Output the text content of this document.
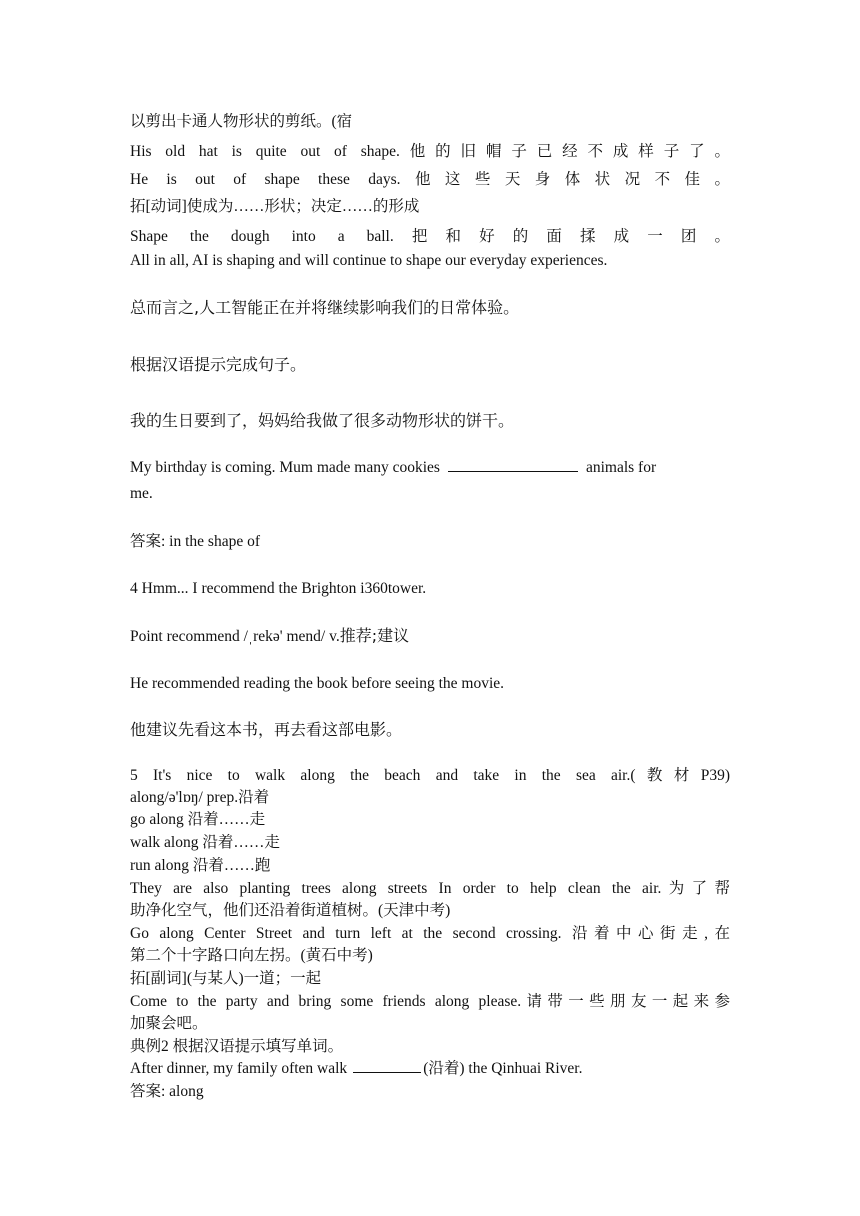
以剪出卡通人物形状的剪纸。(宿
His old hat is quite out of shape.他的旧帽子已经不成样子了。
He is out of shape these days.他这些天身体状况不佳。
拓[动词]使成为……形状；决定……的形成
Shape the dough into a ball.把和好的面揉成一团。
All in all, AI is shaping and will continue to shape our everyday experiences.
总而言之,人工智能正在并将继续影响我们的日常体验。
根据汉语提示完成句子。
我的生日要到了，妈妈给我做了很多动物形状的饼干。
My birthday is coming. Mum made many cookies	animals for
me.
答案: in the shape of
4 Hmm... I recommend the Brighton i360tower.
Point recommend /ˌrekə' mend/ v.推荐;建议
He recommended reading the book before seeing the movie.
他建议先看这本书，再去看这部电影。
5 It's nice to walk along the beach and take in the sea air.(教材P39)
along/ə'lɒŋ/ prep.沿着
go along 沿着……走
walk along 沿着……走
run along 沿着……跑
They are also planting trees along streets In order to help clean the air.为了帮
助净化空气，他们还沿着街道植树。(天津中考)
Go along Center Street and turn left at the second crossing. 沿着中心街走,在
第二个十字路口向左拐。(黄石中考)
拓[副词](与某人)一道；一起
Come to the party and bring some friends along please.请带一些朋友一起来参
加聚会吧。
典例2 根据汉语提示填写单词。
After dinner, my family often walk	(沿着) the Qinhuai River.
答案: along
